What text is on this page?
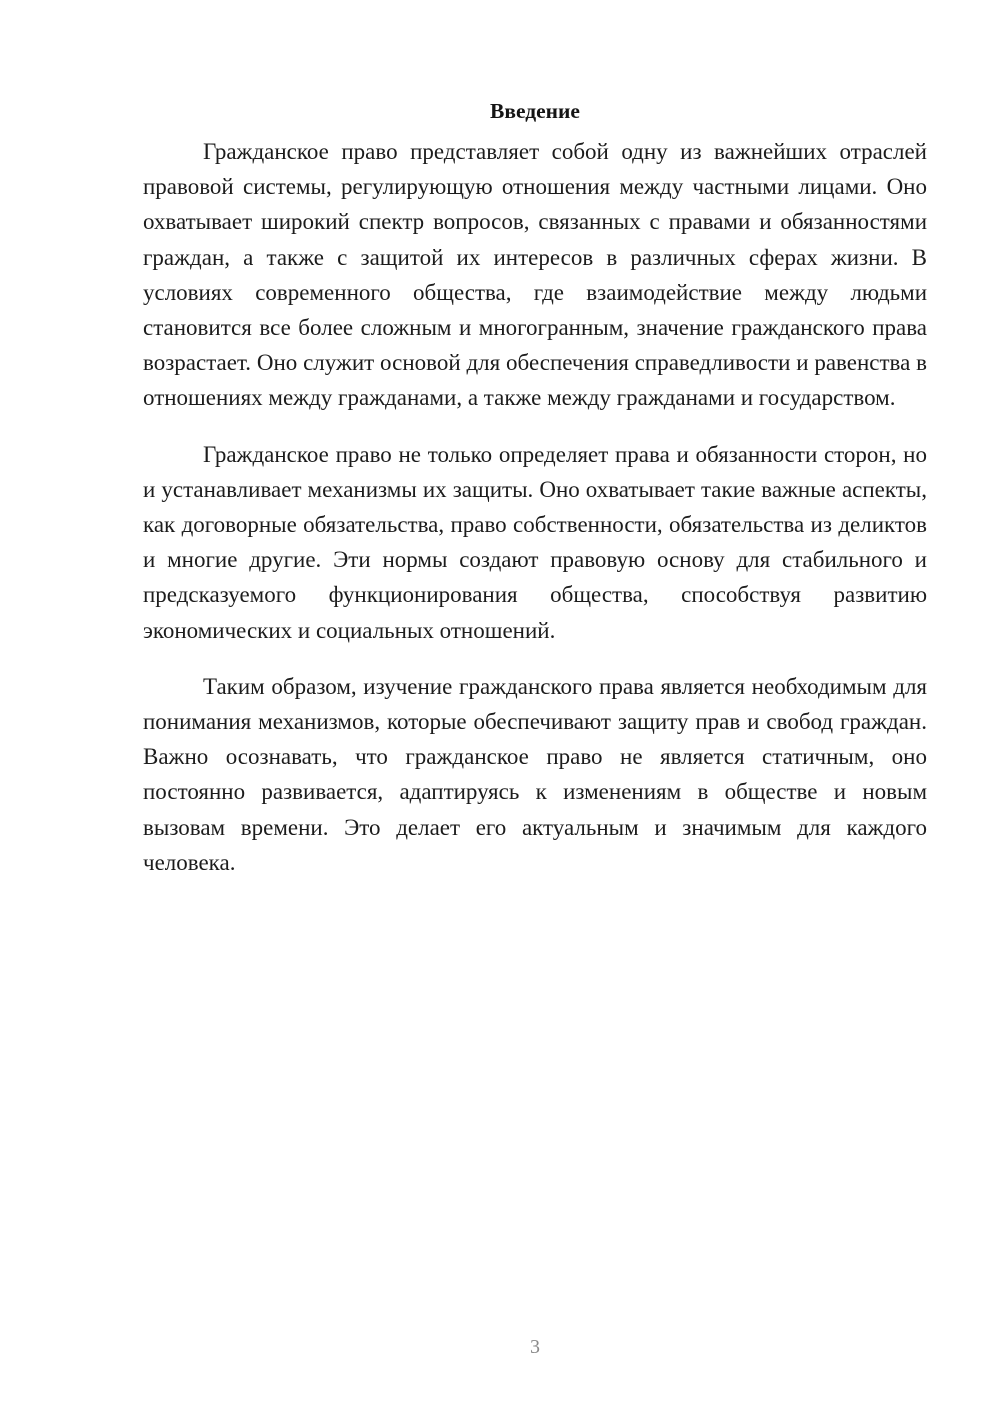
Введение

Гражданское право представляет собой одну из важнейших отраслей правовой системы, регулирующую отношения между частными лицами. Оно охватывает широкий спектр вопросов, связанных с правами и обязанностями граждан, а также с защитой их интересов в различных сферах жизни. В условиях современного общества, где взаимодействие между людьми становится все более сложным и многогранным, значение гражданского права возрастает. Оно служит основой для обеспечения справедливости и равенства в отношениях между гражданами, а также между гражданами и государством.

Гражданское право не только определяет права и обязанности сторон, но и устанавливает механизмы их защиты. Оно охватывает такие важные аспекты, как договорные обязательства, право собственности, обязательства из деликтов и многие другие. Эти нормы создают правовую основу для стабильного и предсказуемого функционирования общества, способствуя развитию экономических и социальных отношений.

Таким образом, изучение гражданского права является необходимым для понимания механизмов, которые обеспечивают защиту прав и свобод граждан. Важно осознавать, что гражданское право не является статичным, оно постоянно развивается, адаптируясь к изменениям в обществе и новым вызовам времени. Это делает его актуальным и значимым для каждого человека.

3
